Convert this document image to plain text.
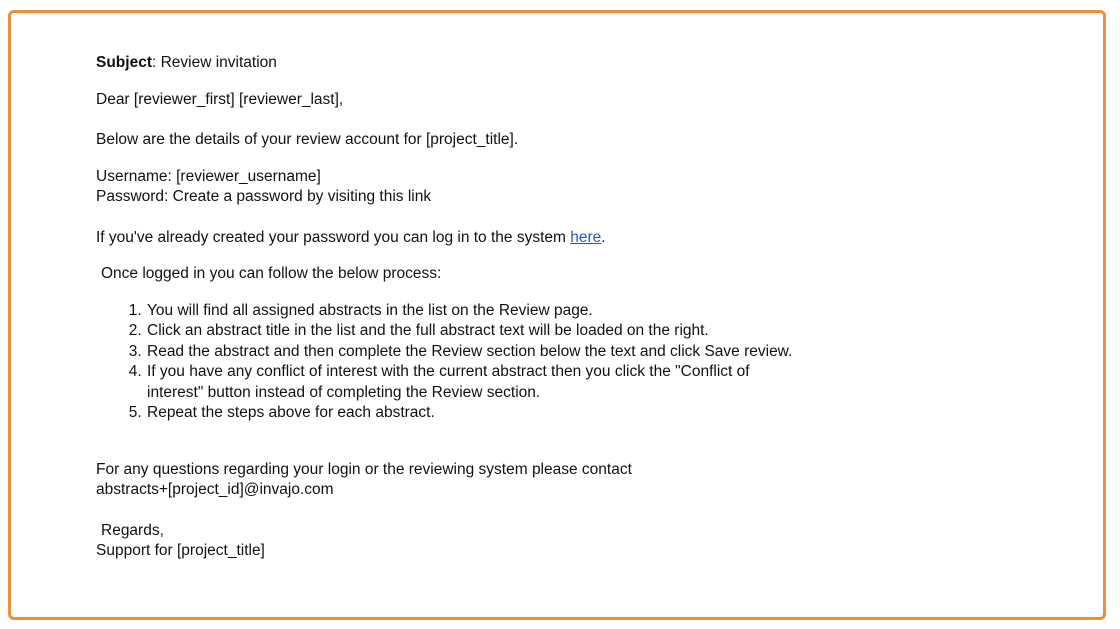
Subject: Review invitation

Dear [reviewer_first] [reviewer_last],

Below are the details of your review account for [project_title].

Username: [reviewer_username]

Password: Create a password by visiting this link

If you've already created your password you can log in to the system here.

Once logged in you can follow the below process:

1. You will find all assigned abstracts in the list on the Review page.
2. Click an abstract title in the list and the full abstract text will be loaded on the right.
3. Read the abstract and then complete the Review section below the text and click Save review.
4. If you have any conflict of interest with the current abstract then you click the "Conflict of interest" button instead of completing the Review section.
5. Repeat the steps above for each abstract.

For any questions regarding your login or the reviewing system please contact

abstracts+[project_id]@invajo.com

Regards,

Support for [project_title]
